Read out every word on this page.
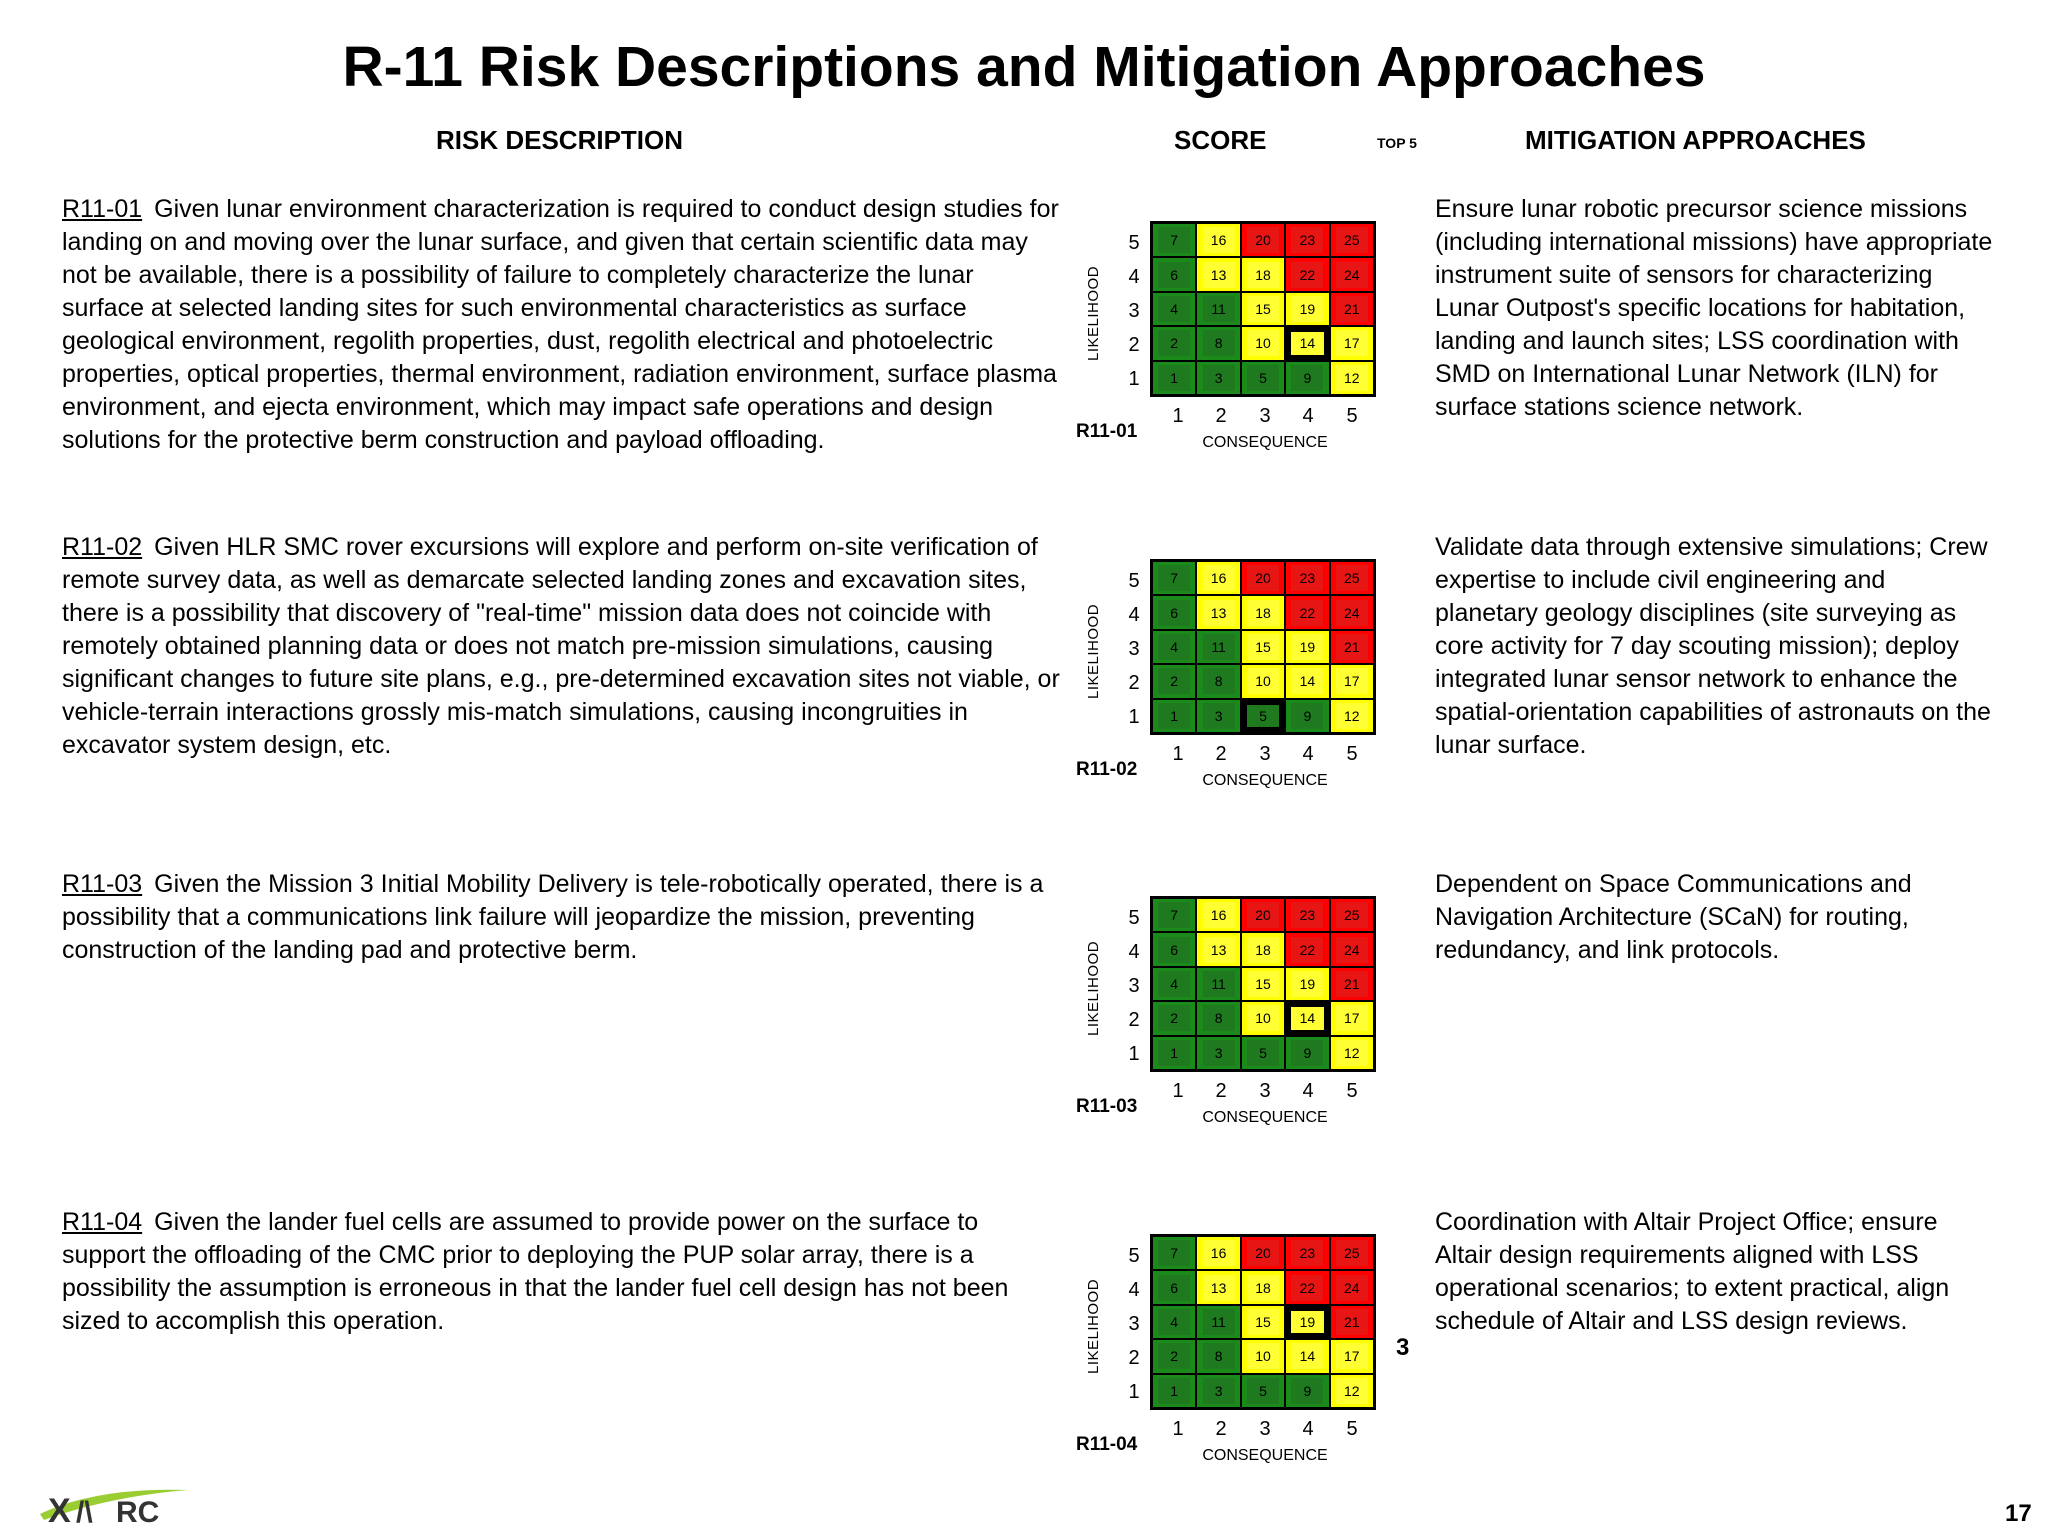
R-11 Risk Descriptions and Mitigation Approaches
RISK DESCRIPTION	SCORE	TOP 5	MITIGATION APPROACHES
R11-01 Given lunar environment characterization is required to conduct design studies for landing on and moving over the lunar surface, and given that certain scientific data may not be available, there is a possibility of failure to completely characterize the lunar surface at selected landing sites for such environmental characteristics as surface geological environment, regolith properties, dust, regolith electrical and photoelectric properties, optical properties, thermal environment, radiation environment, surface plasma environment, and ejecta environment, which may impact safe operations and design solutions for the protective berm construction and payload offloading.
LIKELIHOOD
5
4
3
2
1
7	16	20	23	25
6	13	18	22	24
4	11	15	19	21
2	8	10	14	17
1	3	5	9	12
1 2 3 4 5
R11-01
CONSEQUENCE
Ensure lunar robotic precursor science missions (including international missions) have appropriate instrument suite of sensors for characterizing Lunar Outpost's specific locations for habitation, landing and launch sites; LSS coordination with SMD on International Lunar Network (ILN) for surface stations science network.
R11-02 Given HLR SMC rover excursions will explore and perform on-site verification of remote survey data, as well as demarcate selected landing zones and excavation sites, there is a possibility that discovery of "real-time" mission data does not coincide with remotely obtained planning data or does not match pre-mission simulations, causing significant changes to future site plans, e.g., pre-determined excavation sites not viable, or vehicle-terrain interactions grossly mis-match simulations, causing incongruities in excavator system design, etc.
LIKELIHOOD
5
4
3
2
1
7	16	20	23	25
6	13	18	22	24
4	11	15	19	21
2	8	10	14	17
1	3	5	9	12
1 2 3 4 5
R11-02
CONSEQUENCE
Validate data through extensive simulations; Crew expertise to include civil engineering and planetary geology disciplines (site surveying as core activity for 7 day scouting mission); deploy integrated lunar sensor network to enhance the spatial-orientation capabilities of astronauts on the lunar surface.
R11-03 Given the Mission 3 Initial Mobility Delivery is tele-robotically operated, there is a possibility that a communications link failure will jeopardize the mission, preventing construction of the landing pad and protective berm.	LIKELIHOOD
5
4
3
2
1
7	16	20	23	25
6	13	18	22	24
4	11	15	19	21
2	8	10	14	17
1	3	5	9	12
1 2 3 4 5
R11-03
CONSEQUENCE
Dependent on Space Communications and Navigation Architecture (SCaN) for routing, redundancy, and link protocols.
R11-04 Given the lander fuel cells are assumed to provide power on the surface to support the offloading of the CMC prior to deploying the PUP solar array, there is a possibility the assumption is erroneous in that the lander fuel cell design has not been sized to accomplish this operation.	LIKELIHOOD
5
4
3
2
1
7	16	20	23	25
6	13	18	22	24
4	11	15	19	21
2	8	10	14	17
1	3	5	9	12
1 2 3 4 5
R11-04
CONSEQUENCE
3
Coordination with Altair Project Office; ensure Altair design requirements aligned with LSS operational scenarios; to extent practical, align schedule of Altair and LSS design reviews.
X /\ RC	17
